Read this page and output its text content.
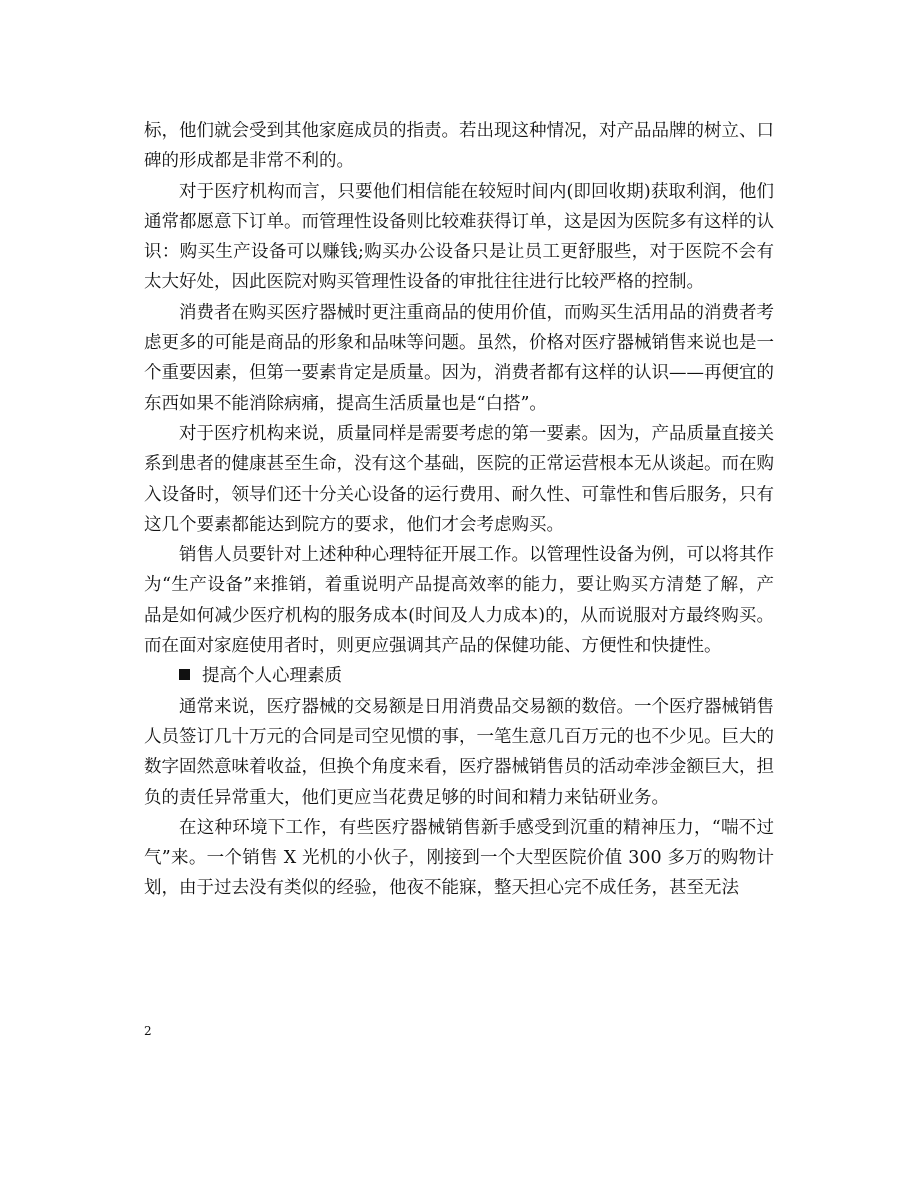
标，他们就会受到其他家庭成员的指责。若出现这种情况，对产品品牌的树立、口碑的形成都是非常不利的。

对于医疗机构而言，只要他们相信能在较短时间内(即回收期)获取利润，他们通常都愿意下订单。而管理性设备则比较难获得订单，这是因为医院多有这样的认识：购买生产设备可以赚钱;购买办公设备只是让员工更舒服些，对于医院不会有太大好处，因此医院对购买管理性设备的审批往往进行比较严格的控制。

消费者在购买医疗器械时更注重商品的使用价值，而购买生活用品的消费者考虑更多的可能是商品的形象和品味等问题。虽然，价格对医疗器械销售来说也是一个重要因素，但第一要素肯定是质量。因为，消费者都有这样的认识——再便宜的东西如果不能消除病痛，提高生活质量也是“白搭”。

对于医疗机构来说，质量同样是需要考虑的第一要素。因为，产品质量直接关系到患者的健康甚至生命，没有这个基础，医院的正常运营根本无从谈起。而在购入设备时，领导们还十分关心设备的运行费用、耐久性、可靠性和售后服务，只有这几个要素都能达到院方的要求，他们才会考虑购买。

销售人员要针对上述种种心理特征开展工作。以管理性设备为例，可以将其作为“生产设备”来推销，着重说明产品提高效率的能力，要让购买方清楚了解，产品是如何减少医疗机构的服务成本(时间及人力成本)的，从而说服对方最终购买。而在面对家庭使用者时，则更应强调其产品的保健功能、方便性和快捷性。

提高个人心理素质

通常来说，医疗器械的交易额是日用消费品交易额的数倍。一个医疗器械销售人员签订几十万元的合同是司空见惯的事，一笔生意几百万元的也不少见。巨大的数字固然意味着收益，但换个角度来看，医疗器械销售员的活动牵涉金额巨大，担负的责任异常重大，他们更应当花费足够的时间和精力来钻研业务。

在这种环境下工作，有些医疗器械销售新手感受到沉重的精神压力，“喘不过气”来。一个销售 X 光机的小伙子，刚接到一个大型医院价值 300 多万的购物计划，由于过去没有类似的经验，他夜不能寐，整天担心完不成任务，甚至无法

2
